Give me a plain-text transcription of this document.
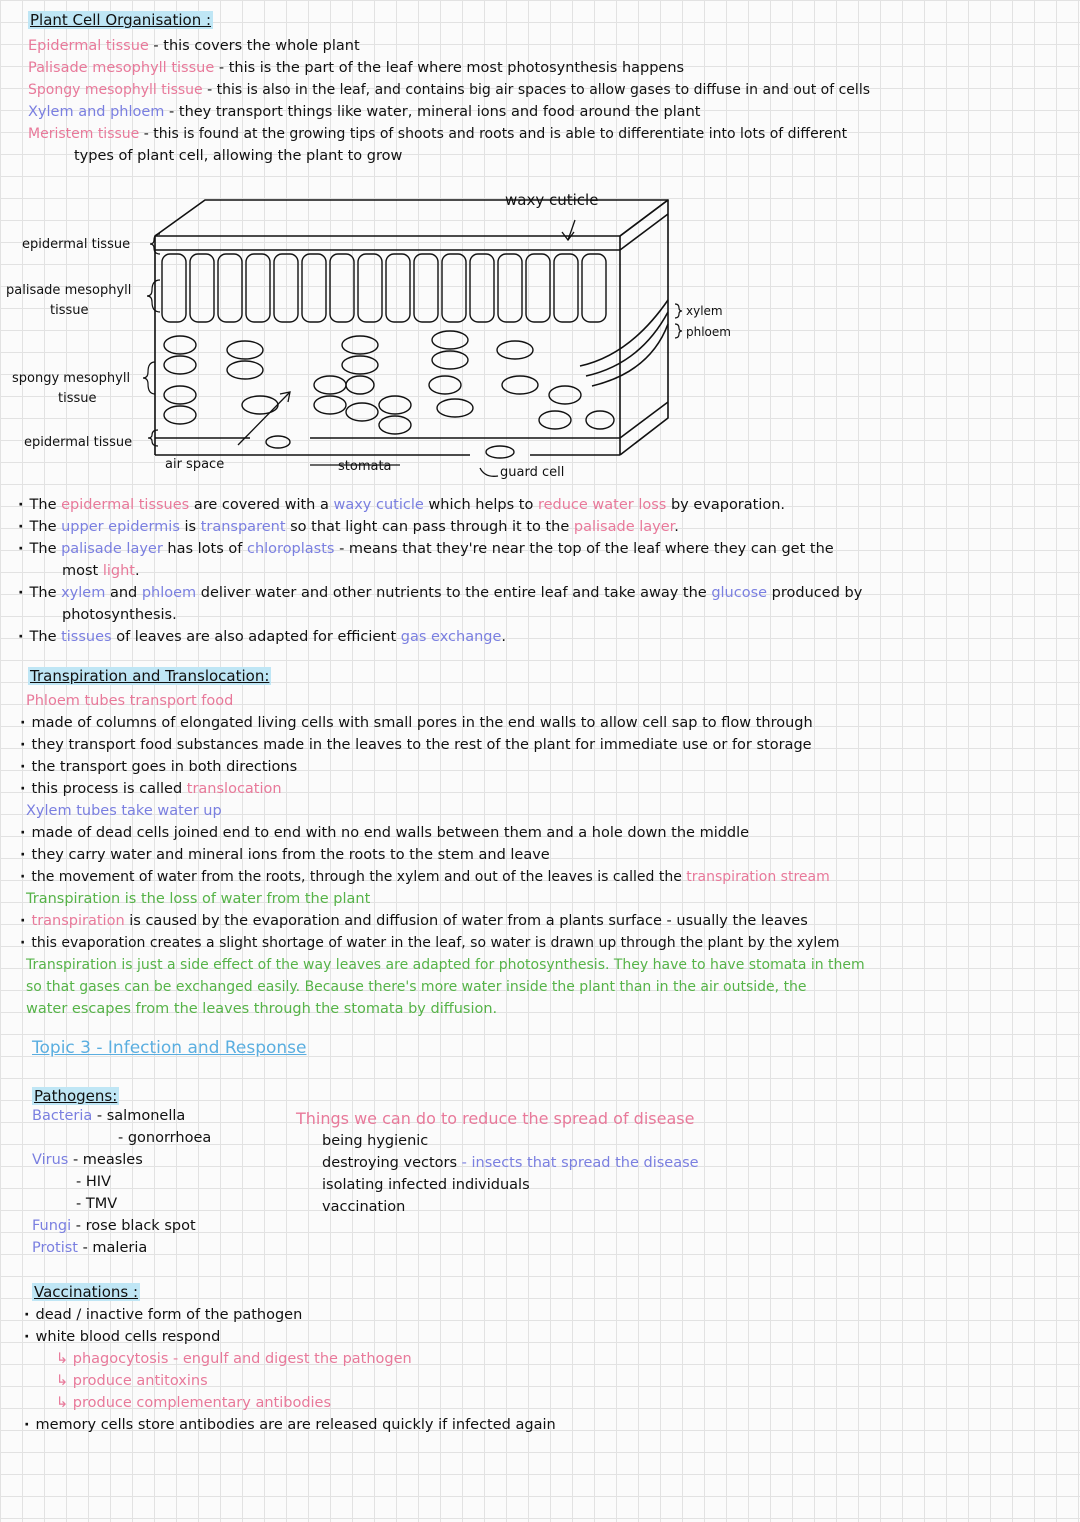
Plant Cell Organisation :
Epidermal tissue - this covers the whole plant
Palisade mesophyll tissue - this is the part of the leaf where most photosynthesis happens
Spongy mesophyll tissue - this is also in the leaf, and contains big air spaces to allow gases to diffuse in and out of cells
Xylem and phloem - they transport things like water, mineral ions and food around the plant
Meristem tissue - this is found at the growing tips of shoots and roots and is able to differentiate into lots of different
types of plant cell, allowing the plant to grow
waxy cuticle
epidermal tissue
palisade mesophyll
tissue
spongy mesophyll
tissue
epidermal tissue
air space	stomata	guard cell
xylem
phloem
· The epidermal tissues are covered with a waxy cuticle which helps to reduce water loss by evaporation.
· The upper epidermis is transparent so that light can pass through it to the palisade layer.
· The palisade layer has lots of chloroplasts - means that they're near the top of the leaf where they can get the
most light.
· The xylem and phloem deliver water and other nutrients to the entire leaf and take away the glucose produced by
photosynthesis.
· The tissues of leaves are also adapted for efficient gas exchange.
Transpiration and Translocation:
Phloem tubes transport food
· made of columns of elongated living cells with small pores in the end walls to allow cell sap to flow through
· they transport food substances made in the leaves to the rest of the plant for immediate use or for storage
· the transport goes in both directions
· this process is called translocation
Xylem tubes take water up
· made of dead cells joined end to end with no end walls between them and a hole down the middle
· they carry water and mineral ions from the roots to the stem and leave
· the movement of water from the roots, through the xylem and out of the leaves is called the transpiration stream
Transpiration is the loss of water from the plant
· transpiration is caused by the evaporation and diffusion of water from a plants surface - usually the leaves
· this evaporation creates a slight shortage of water in the leaf, so water is drawn up through the plant by the xylem
Transpiration is just a side effect of the way leaves are adapted for photosynthesis. They have to have stomata in them
so that gases can be exchanged easily. Because there's more water inside the plant than in the air outside, the
water escapes from the leaves through the stomata by diffusion.
Topic 3 - Infection and Response
Pathogens:
Bacteria - salmonella
- gonorrhoea
Virus - measles
- HIV
- TMV
Fungi - rose black spot
Protist - maleria
Things we can do to reduce the spread of disease
being hygienic
destroying vectors - insects that spread the disease
isolating infected individuals
vaccination
Vaccinations :
· dead / inactive form of the pathogen
· white blood cells respond
↳ phagocytosis - engulf and digest the pathogen
↳ produce antitoxins
↳ produce complementary antibodies
· memory cells store antibodies are are released quickly if infected again
